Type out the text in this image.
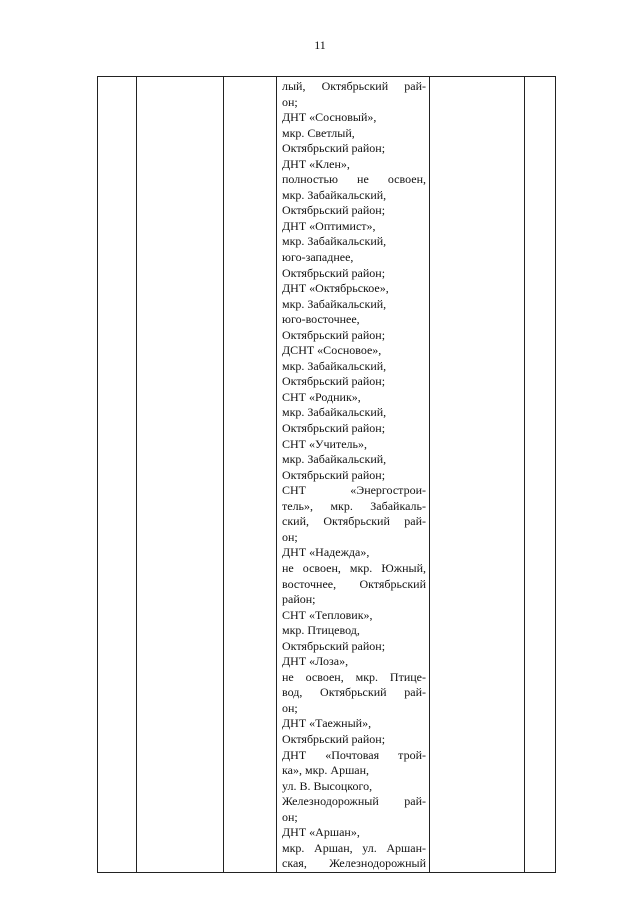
11

лый, Октябрьский рай-
он;
ДНТ «Сосновый»,
мкр. Светлый,
Октябрьский район;
ДНТ «Клен»,
полностью не освоен,
мкр. Забайкальский,
Октябрьский район;
ДНТ «Оптимист»,
мкр. Забайкальский,
юго-западнее,
Октябрьский район;
ДНТ «Октябрьское»,
мкр. Забайкальский,
юго-восточнее,
Октябрьский район;
ДСНТ «Сосновое»,
мкр. Забайкальский,
Октябрьский район;
СНТ «Родник»,
мкр. Забайкальский,
Октябрьский район;
СНТ «Учитель»,
мкр. Забайкальский,
Октябрьский район;
СНТ «Энергострои-
тель», мкр. Забайкаль-
ский, Октябрьский рай-
он;
ДНТ «Надежда»,
не освоен, мкр. Южный,
восточнее, Октябрьский
район;
СНТ «Тепловик»,
мкр. Птицевод,
Октябрьский район;
ДНТ «Лоза»,
не освоен, мкр. Птице-
вод, Октябрьский рай-
он;
ДНТ «Таежный»,
Октябрьский район;
ДНТ «Почтовая трой-
ка», мкр. Аршан,
ул. В. Высоцкого,
Железнодорожный рай-
он;
ДНТ «Аршан»,
мкр. Аршан, ул. Аршан-
ская, Железнодорожный
